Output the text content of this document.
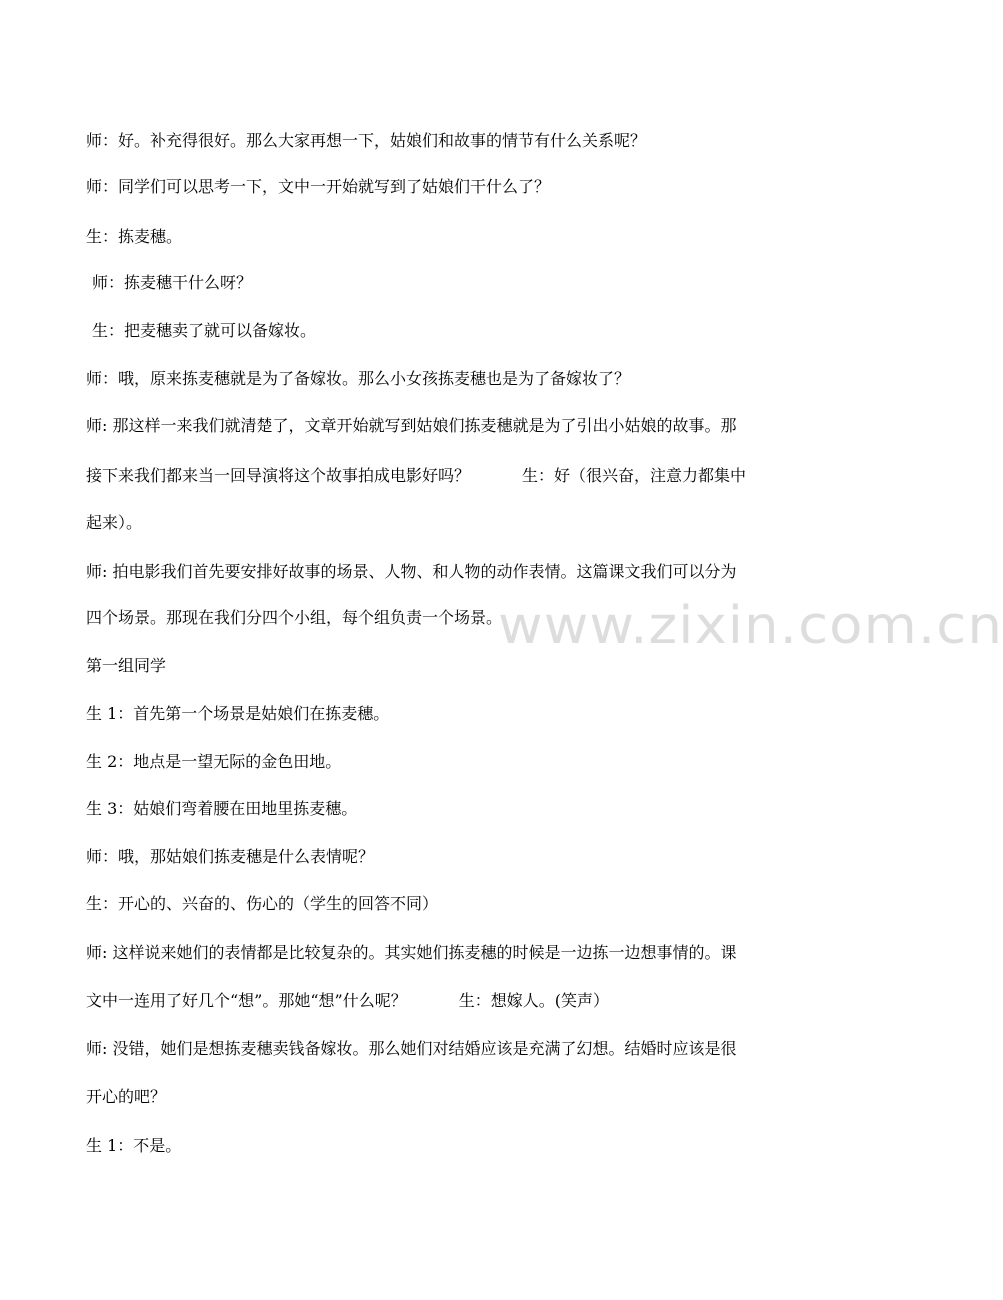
www.zixin.com.cn
师：好。补充得很好。那么大家再想一下，姑娘们和故事的情节有什么关系呢？
师：同学们可以思考一下，文中一开始就写到了姑娘们干什么了？
生：拣麦穗。
师：拣麦穗干什么呀？
生：把麦穗卖了就可以备嫁妆。
师：哦，原来拣麦穗就是为了备嫁妆。那么小女孩拣麦穗也是为了备嫁妆了？
师: 那这样一来我们就清楚了，文章开始就写到姑娘们拣麦穗就是为了引出小姑娘的故事。那
接下来我们都来当一回导演将这个故事拍成电影好吗？	生：好（很兴奋，注意力都集中
起来）。
师: 拍电影我们首先要安排好故事的场景、人物、和人物的动作表情。这篇课文我们可以分为
四个场景。那现在我们分四个小组，每个组负责一个场景。
第一组同学
生 1：首先第一个场景是姑娘们在拣麦穗。
生 2：地点是一望无际的金色田地。
生 3：姑娘们弯着腰在田地里拣麦穗。
师：哦，那姑娘们拣麦穗是什么表情呢？
生：开心的、兴奋的、伤心的（学生的回答不同）
师: 这样说来她们的表情都是比较复杂的。其实她们拣麦穗的时候是一边拣一边想事情的。课
文中一连用了好几个“想”。那她“想”什么呢？	生：想嫁人。(笑声）
师: 没错，她们是想拣麦穗卖钱备嫁妆。那么她们对结婚应该是充满了幻想。结婚时应该是很
开心的吧？
生 1：不是。
